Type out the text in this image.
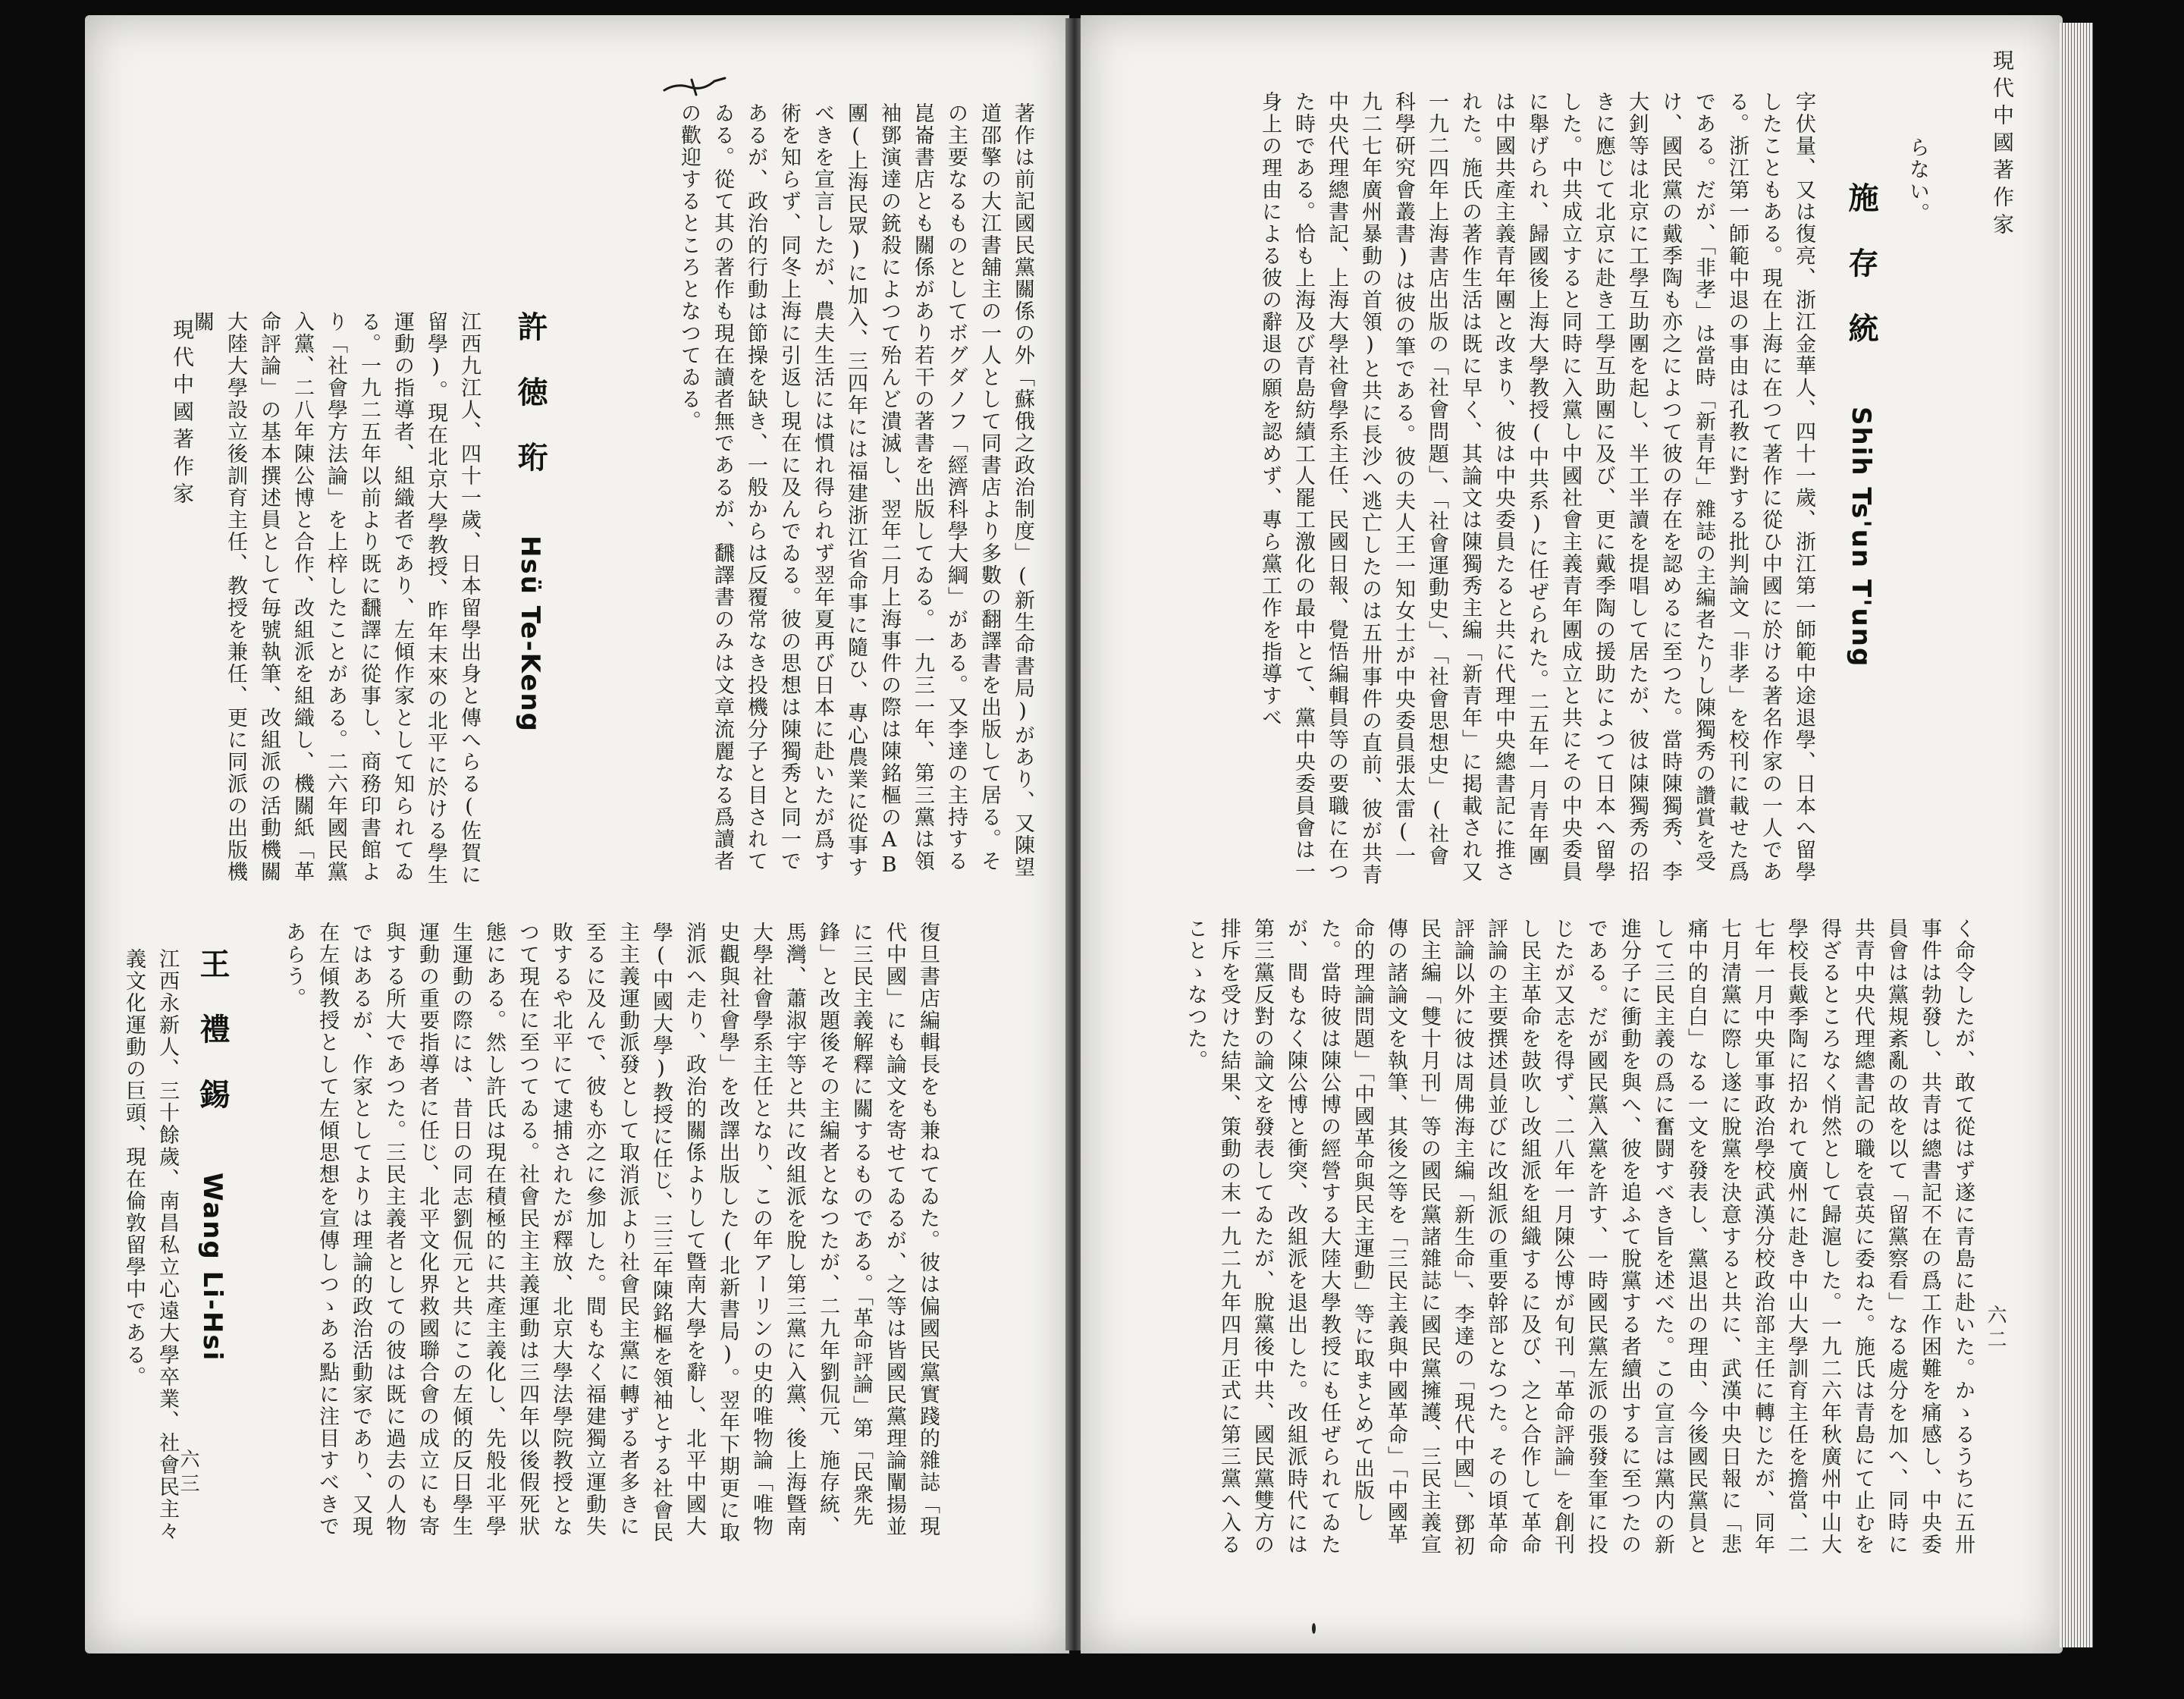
著作は前記國民黨關係の外「蘇俄之政治制度」(新生命書局)があり、又陳望道邵擎の大江書舖主の一人として同書店より多數の翻譯書を出版して居る。その主要なるものとしてボグダノフ「經濟科學大綱」がある。又李達の主持する崑崙書店とも關係があり若干の著書を出版してゐる。一九三一年、第三黨は領袖鄧演達の銃殺によつて殆んど潰滅し、翌年二月上海事件の際は陳銘樞のAB團(上海民眾)に加入、三四年には福建浙江省命事に隨ひ、專心農業に從事すべきを宣言したが、農夫生活には慣れ得られず翌年夏再び日本に赴いたが爲す術を知らず、同冬上海に引返し現在に及んでゐる。彼の思想は陳獨秀と同一であるが、政治的行動は節操を缺き、一般からは反覆常なき投機分子と目されてゐる。從て其の著作も現在讀者無であるが、飜譯書のみは文章流麗なる爲讀者の歡迎するところとなつてゐる。
許徳珩Hsü Te-Keng
江西九江人、四十一歲、日本留學出身と傳へらる(佐賀に留學)。現在北京大學教授、昨年末來の北平に於ける學生運動の指導者、組織者であり、左傾作家として知られてゐる。一九二五年以前より既に飜譯に從事し、商務印書館より「社會學方法論」を上梓したことがある。二六年國民黨入黨、二八年陳公博と合作、改組派を組織し、機關紙「革命評論」の基本撰述員として毎號執筆、改組派の活動機關大陸大學設立後訓育主任、教授を兼任、更に同派の出版機關
復旦書店編輯長をも兼ねてゐた。彼は偏國民黨實踐的雜誌「現代中國」にも論文を寄せてゐるが、之等は皆國民黨理論闡揚並に三民主義解釋に關するものである。「革命評論」第「民衆先鋒」と改題後その主編者となつたが、二九年劉侃元、施存統、馬灣、蕭淑宇等と共に改組派を脫し第三黨に入黨、後上海曁南大學社會學系主任となり、この年アーリンの史的唯物論「唯物史觀與社會學」を改譯出版した(北新書局)。翌年下期更に取消派へ走り、政治的關係よりして曁南大學を辭し、北平中國大學(中國大學)教授に任じ、三三年陳銘樞を領袖とする社會民主主義運動派發として取消派より社會民主黨に轉ずる者多きに至るに及んで、彼も亦之に參加した。間もなく福建獨立運動失敗するや北平にて逮捕されたが釋放、北京大學法學院教授となつて現在に至つてゐる。社會民主主義運動は三四年以後假死狀態にある。然し許氏は現在積極的に共產主義化し、先般北平學生運動の際には、昔日の同志劉侃元と共にこの左傾的反日學生運動の重要指導者に任じ、北平文化界救國聯合會の成立にも寄與する所大であつた。三民主義者としての彼は既に過去の人物ではあるが、作家としてよりは理論的政治活動家であり、又現在左傾教授として左傾思想を宣傳しつゝある點に注目すべきであらう。
王禮錫Wang Li-Hsi
江西永新人、三十餘歲、南昌私立心遠大學卒業、社會民主々義文化運動の巨頭、現在倫敦留學中である。
現代中國著作家
六三
現代中國著作家
らない。
施存統Shih Ts'un T'ung
字伏量、又は復亮、浙江金華人、四十一歲、浙江第一師範中途退學、日本へ留學したこともある。現在上海に在つて著作に從ひ中國に於ける著名作家の一人である。浙江第一師範中退の事由は孔教に對する批判論文「非孝」を校刊に載せた爲である。だが、「非孝」は當時「新青年」雜誌の主編者たりし陳獨秀の讚賞を受け、國民黨の戴季陶も亦之によつて彼の存在を認めるに至つた。當時陳獨秀、李大釗等は北京に工學互助團を起し、半工半讀を提唱して居たが、彼は陳獨秀の招きに應じて北京に赴き工學互助團に及び、更に戴季陶の援助によつて日本へ留學した。中共成立すると同時に入黨し中國社會主義青年團成立と共にその中央委員に舉げられ、歸國後上海大學教授(中共系)に任ぜられた。二五年一月青年團は中國共產主義青年團と改まり、彼は中央委員たると共に代理中央總書記に推された。施氏の著作生活は既に早く、其論文は陳獨秀主編「新青年」に掲載され又一九二四年上海書店出版の「社會問題」、「社會運動史」、「社會思想史」(社會科學研究會叢書)は彼の筆である。彼の夫人王一知女士が中央委員張太雷(一九二七年廣州暴動の首領)と共に長沙へ逃亡したのは五卅事件の直前、彼が共青中央代理總書記、上海大學社會學系主任、民國日報、覺悟編輯員等の要職に在つた時である。恰も上海及び青島紡績工人罷工激化の最中とて、黨中央委員會は一身上の理由による彼の辭退の願を認めず、專ら黨工作を指導すべ
く命令したが、敢て從はず遂に青島に赴いた。かゝるうちに五卅事件は勃發し、共青は總書記不在の爲工作困難を痛感し、中央委員會は黨規紊亂の故を以て「留黨察看」なる處分を加へ、同時に共青中央代理總書記の職を袁英に委ねた。施氏は青島にて止むを得ざるところなく悄然として歸滬した。一九二六年秋廣州中山大學校長戴季陶に招かれて廣州に赴き中山大學訓育主任を擔當、二七年一月中央軍事政治學校武漢分校政治部主任に轉じたが、同年七月清黨に際し遂に脫黨を決意すると共に、武漢中央日報に「悲痛中的自白」なる一文を發表し、黨退出の理由、今後國民黨員として三民主義の爲に奮闘すべき旨を述べた。この宣言は黨内の新進分子に衝動を與へ、彼を追ふて脫黨する者續出するに至つたのである。だが國民黨入黨を許す、一時國民黨左派の張發奎軍に投じたが又志を得ず、二八年一月陳公博が旬刊「革命評論」を創刊し民主革命を鼓吹し改組派を組織するに及び、之と合作して革命評論の主要撰述員並びに改組派の重要幹部となつた。その頃革命評論以外に彼は周佛海主編「新生命」、李達の「現代中國」、鄧初民主編「雙十月刊」等の國民黨諸雜誌に國民黨擁護、三民主義宣傳の諸論文を執筆、其後之等を「三民主義與中國革命」「中國革命的理論問題」「中國革命與民主運動」等に取まとめて出版した。當時彼は陳公博の經營する大陸大學教授にも任ぜられてゐたが、間もなく陳公博と衝突、改組派を退出した。改組派時代には第三黨反對の論文を發表してゐたが、脫黨後中共、國民黨雙方の排斥を受けた結果、策動の末一九二九年四月正式に第三黨へ入ることゝなつた。
六二
